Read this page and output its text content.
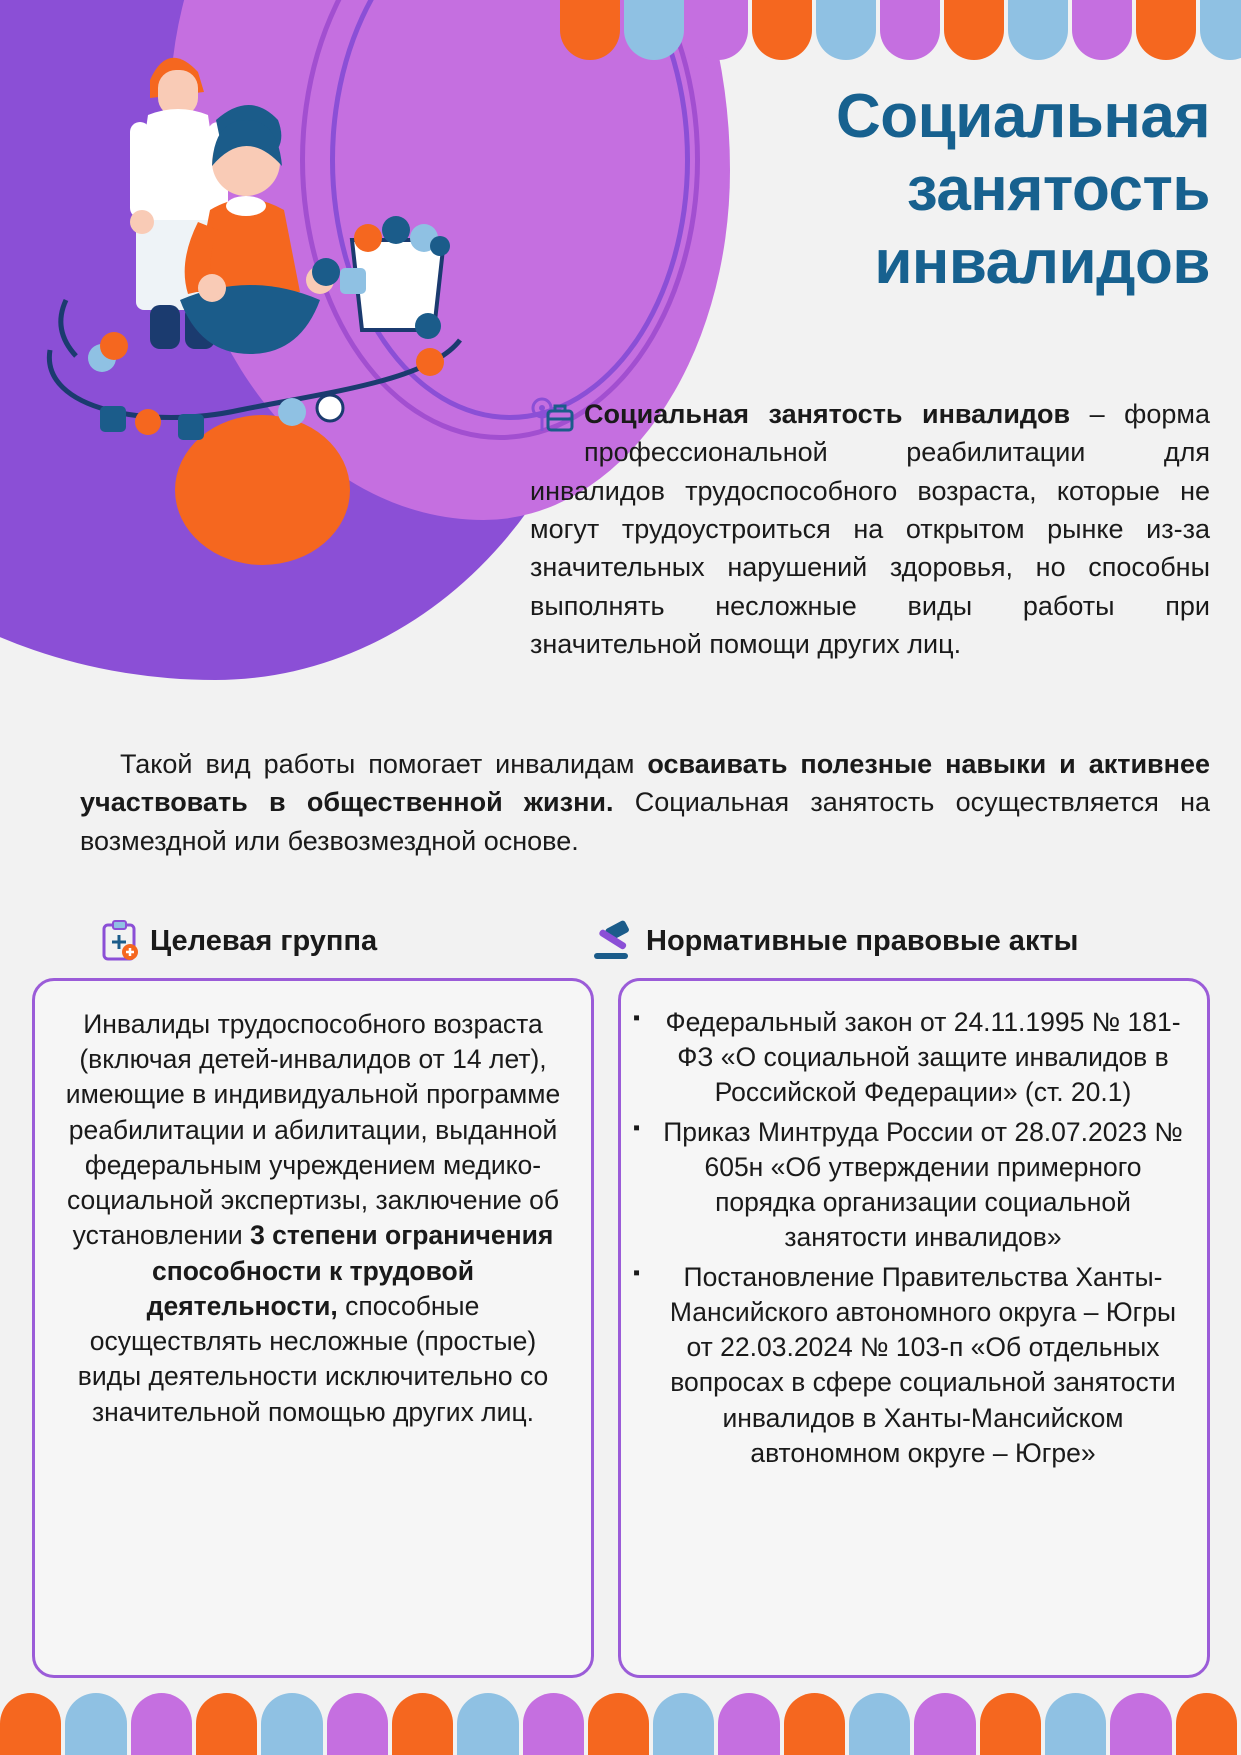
Социальная
занятость
инвалидов
Социальная занятость инвалидов – форма профессиональной реабилитации для инвалидов трудоспособного возраста, которые не могут трудоустроиться на открытом рынке из-за значительных нарушений здоровья, но способны выполнять несложные виды работы при значительной помощи других лиц.
Такой вид работы помогает инвалидам осваивать полезные навыки и активнее участвовать в общественной жизни. Социальная занятость осуществляется на возмездной или безвозмездной основе.
Целевая группа	Нормативные правовые акты
Инвалиды трудоспособного возраста (включая детей-инвалидов от 14 лет), имеющие в индивидуальной программе реабилитации и абилитации, выданной федеральным учреждением медико-социальной экспертизы, заключение об установлении 3 степени ограничения способности к трудовой деятельности, способные осуществлять несложные (простые) виды деятельности исключительно со значительной помощью других лиц.
▪ Федеральный закон от 24.11.1995 № 181-ФЗ «О социальной защите инвалидов в Российской Федерации» (ст. 20.1)
▪ Приказ Минтруда России от 28.07.2023 № 605н «Об утверждении примерного порядка организации социальной занятости инвалидов»
▪ Постановление Правительства Ханты-Мансийского автономного округа – Югры от 22.03.2024 № 103-п «Об отдельных вопросах в сфере социальной занятости инвалидов в Ханты-Мансийском автономном округе – Югре»
